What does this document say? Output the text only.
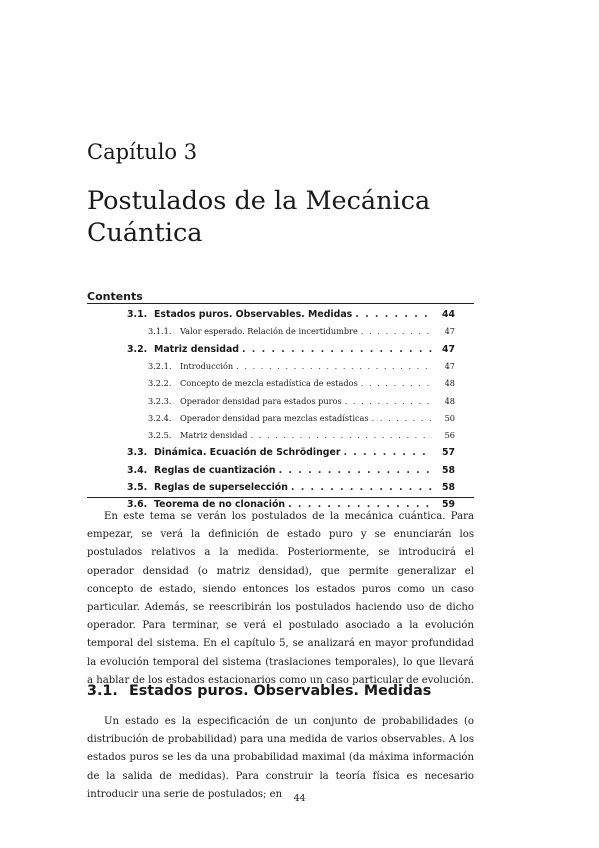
Capítulo 3
Postulados de la Mecánica Cuántica
Contents
3.1. Estados puros. Observables. Medidas . . .	44
3.1.1.	Valor esperado. Relación de incertidumbre . . .	47
3.2. Matriz densidad . . .	47
3.2.1.	Introducción . . .	47
3.2.2.	Concepto de mezcla estadística de estados . . .	48
3.2.3.	Operador densidad para estados puros . . .	48
3.2.4.	Operador densidad para mezclas estadísticas . . .	50
3.2.5.	Matriz densidad . . .	56
3.3. Dinámica. Ecuación de Schrödinger . . .	57
3.4. Reglas de cuantización . . .	58
3.5. Reglas de superselección . . .	58
3.6. Teorema de no clonación . . .	59
En este tema se verán los postulados de la mecánica cuántica. Para empezar, se verá la definición de estado puro y se enunciarán los postulados relativos a la medida. Posteriormente, se introducirá el operador densidad (o matriz densidad), que permite generalizar el concepto de estado, siendo entonces los estados puros como un caso particular. Además, se reescribirán los postulados haciendo uso de dicho operador. Para terminar, se verá el postulado asociado a la evolución temporal del sistema. En el capítulo 5, se analizará en mayor profundidad la evolución temporal del sistema (traslaciones temporales), lo que llevará a hablar de los estados estacionarios como un caso particular de evolución.
3.1. Estados puros. Observables. Medidas
Un estado es la especificación de un conjunto de probabilidades (o distribución de probabilidad) para una medida de varios observables. A los estados puros se les da una probabilidad maximal (da máxima información de la salida de medidas). Para construir la teoría física es necesario introducir una serie de postulados; en	44
